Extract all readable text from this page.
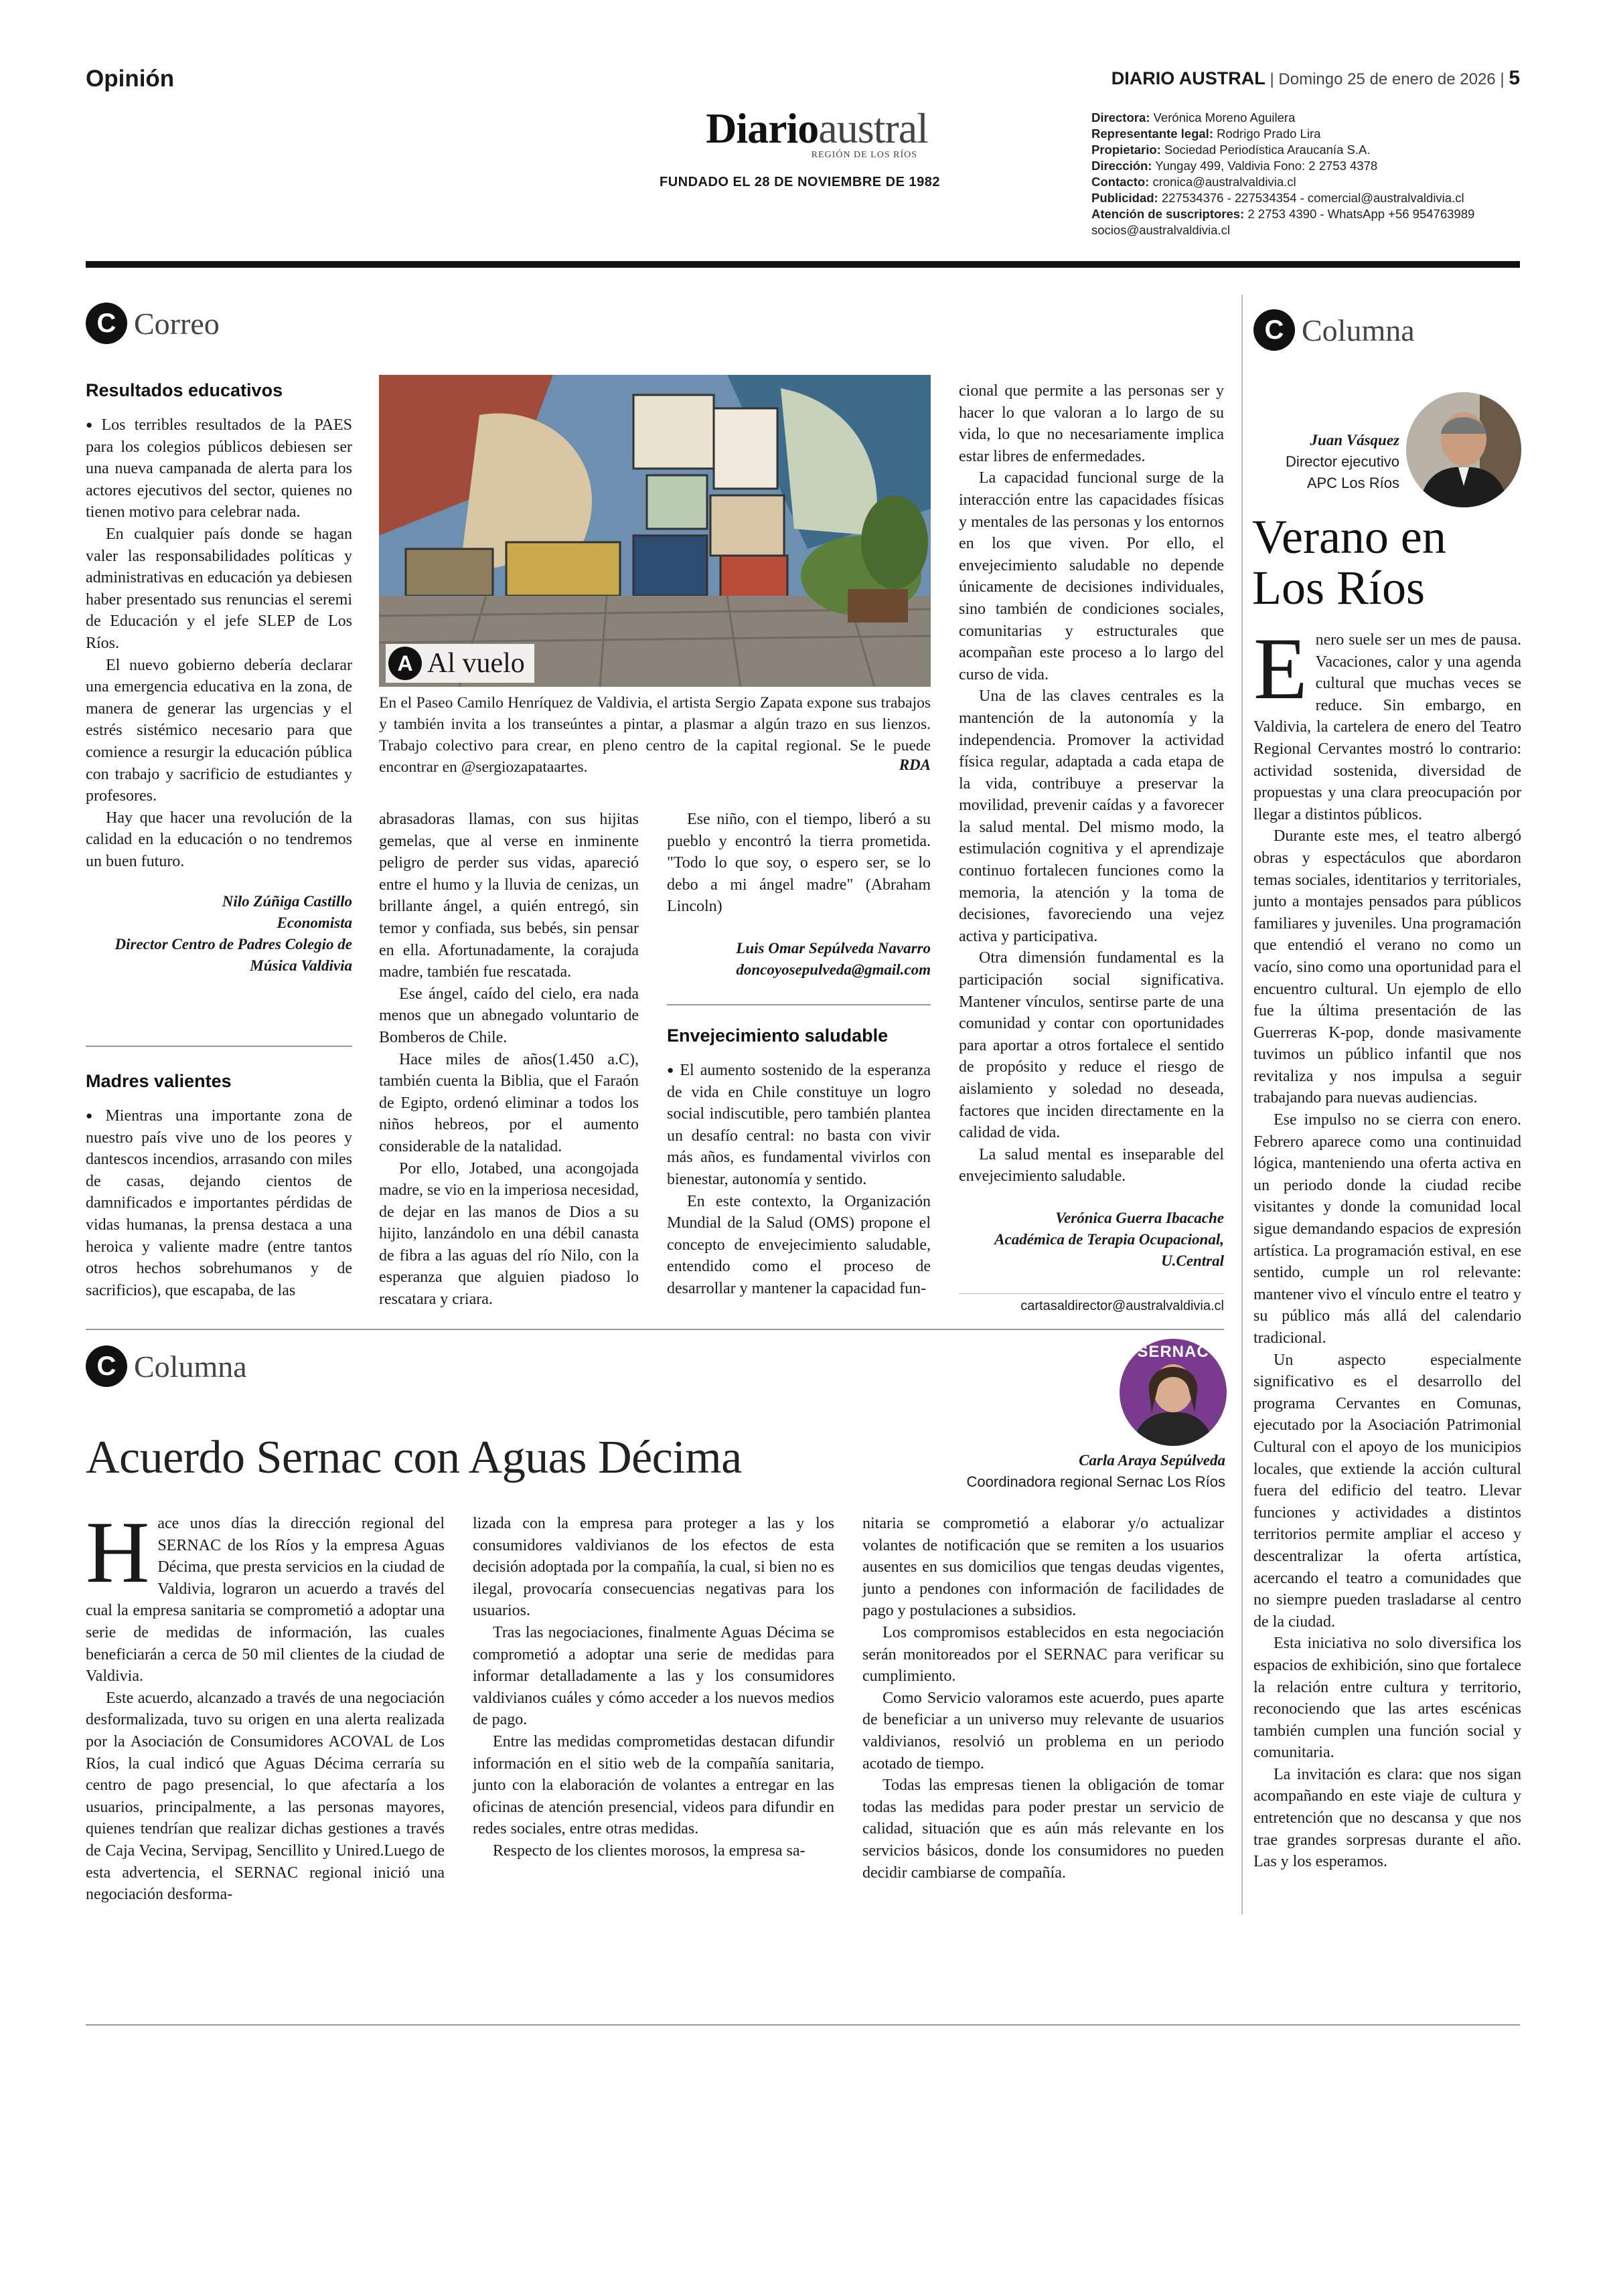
Opinión	DIARIO AUSTRAL | Domingo 25 de enero de 2026 | 5
Diarioaustral
REGIÓN DE LOS RÍOS
FUNDADO EL 28 DE NOVIEMBRE DE 1982
Directora: Verónica Moreno Aguilera
Representante legal: Rodrigo Prado Lira
Propietario: Sociedad Periodística Araucanía S.A.
Dirección: Yungay 499, Valdivia Fono: 2 2753 4378
Contacto: cronica@australvaldivia.cl
Publicidad: 227534376 - 227534354 - comercial@australvaldivia.cl
Atención de suscriptores: 2 2753 4390 - WhatsApp +56 954763989
socios@australvaldivia.cl
C Correo
Resultados educativos

● Los terribles resultados de la PAES para los colegios públicos debiesen ser una nueva campanada de alerta para los actores ejecutivos del sector, quienes no tienen motivo para celebrar nada.

En cualquier país donde se hagan valer las responsabilidades políticas y administrativas en educación ya debiesen haber presentado sus renuncias el seremi de Educación y el jefe SLEP de Los Ríos.

El nuevo gobierno debería declarar una emergencia educativa en la zona, de manera de generar las urgencias y el estrés sistémico necesario para que comience a resurgir la educación pública con trabajo y sacrificio de estudiantes y profesores.

Hay que hacer una revolución de la calidad en la educación o no tendremos un buen futuro.

Nilo Zúñiga Castillo
Economista
Director Centro de Padres Colegio de
Música Valdivia
Madres valientes

● Mientras una importante zona de nuestro país vive uno de los peores y dantescos incendios, arrasando con miles de casas, dejando cientos de damnificados e importantes pérdidas de vidas humanas, la prensa destaca a una heroica y valiente madre (entre tantos otros hechos sobrehumanos y de sacrificios), que escapaba, de las

A Al vuelo

En el Paseo Camilo Henríquez de Valdivia, el artista Sergio Zapata expone sus trabajos y también invita a los transeúntes a pintar, a plasmar a algún trazo en sus lienzos. Trabajo colectivo para crear, en pleno centro de la capital regional. Se le puede encontrar en @sergiozapataartes.	RDA

abrasadoras llamas, con sus hijitas gemelas, que al verse en inminente peligro de perder sus vidas, apareció entre el humo y la lluvia de cenizas, un brillante ángel, a quién entregó, sin temor y confiada, sus bebés, sin pensar en ella. Afortunadamente, la corajuda madre, también fue rescatada.

Ese ángel, caído del cielo, era nada menos que un abnegado voluntario de Bomberos de Chile.

Hace miles de años(1.450 a.C), también cuenta la Biblia, que el Faraón de Egipto, ordenó eliminar a todos los niños hebreos, por el aumento considerable de la natalidad.

Por ello, Jotabed, una acongojada madre, se vio en la imperiosa necesidad, de dejar en las manos de Dios a su hijito, lanzándolo en una débil canasta de fibra a las aguas del río Nilo, con la esperanza que alguien piadoso lo rescatara y criara.

Ese niño, con el tiempo, liberó a su pueblo y encontró la tierra prometida. "Todo lo que soy, o espero ser, se lo debo a mi ángel madre" (Abraham Lincoln)

Luis Omar Sepúlveda Navarro
doncoyosepulveda@gmail.com
Envejecimiento saludable

● El aumento sostenido de la esperanza de vida en Chile constituye un logro social indiscutible, pero también plantea un desafío central: no basta con vivir más años, es fundamental vivirlos con bienestar, autonomía y sentido.

En este contexto, la Organización Mundial de la Salud (OMS) propone el concepto de envejecimiento saludable, entendido como el proceso de desarrollar y mantener la capacidad fun-

cional que permite a las personas ser y hacer lo que valoran a lo largo de su vida, lo que no necesariamente implica estar libres de enfermedades.

La capacidad funcional surge de la interacción entre las capacidades físicas y mentales de las personas y los entornos en los que viven. Por ello, el envejecimiento saludable no depende únicamente de decisiones individuales, sino también de condiciones sociales, comunitarias y estructurales que acompañan este proceso a lo largo del curso de vida.

Una de las claves centrales es la mantención de la autonomía y la independencia. Promover la actividad física regular, adaptada a cada etapa de la vida, contribuye a preservar la movilidad, prevenir caídas y a favorecer la salud mental. Del mismo modo, la estimulación cognitiva y el aprendizaje continuo fortalecen funciones como la memoria, la atención y la toma de decisiones, favoreciendo una vejez activa y participativa.

Otra dimensión fundamental es la participación social significativa. Mantener vínculos, sentirse parte de una comunidad y contar con oportunidades para aportar a otros fortalece el sentido de propósito y reduce el riesgo de aislamiento y soledad no deseada, factores que inciden directamente en la calidad de vida.

La salud mental es inseparable del envejecimiento saludable.

Verónica Guerra Ibacache
Académica de Terapia Ocupacional,
U.Central
cartasaldirector@australvaldivia.cl
C Columna
Juan Vásquez
Director ejecutivo
APC Los Ríos
Verano en
Los Ríos

Enero suele ser un mes de pausa. Vacaciones, calor y una agenda cultural que muchas veces se reduce. Sin embargo, en Valdivia, la cartelera de enero del Teatro Regional Cervantes mostró lo contrario: actividad sostenida, diversidad de propuestas y una clara preocupación por llegar a distintos públicos.

Durante este mes, el teatro albergó obras y espectáculos que abordaron temas sociales, identitarios y territoriales, junto a montajes pensados para públicos familiares y juveniles. Una programación que entendió el verano no como un vacío, sino como una oportunidad para el encuentro cultural. Un ejemplo de ello fue la última presentación de las Guerreras K-pop, donde masivamente tuvimos un público infantil que nos revitaliza y nos impulsa a seguir trabajando para nuevas audiencias.

Ese impulso no se cierra con enero. Febrero aparece como una continuidad lógica, manteniendo una oferta activa en un periodo donde la ciudad recibe visitantes y donde la comunidad local sigue demandando espacios de expresión artística. La programación estival, en ese sentido, cumple un rol relevante: mantener vivo el vínculo entre el teatro y su público más allá del calendario tradicional.

Un aspecto especialmente significativo es el desarrollo del programa Cervantes en Comunas, ejecutado por la Asociación Patrimonial Cultural con el apoyo de los municipios locales, que extiende la acción cultural fuera del edificio del teatro. Llevar funciones y actividades a distintos territorios permite ampliar el acceso y descentralizar la oferta artística, acercando el teatro a comunidades que no siempre pueden trasladarse al centro de la ciudad.

Esta iniciativa no solo diversifica los espacios de exhibición, sino que fortalece la relación entre cultura y territorio, reconociendo que las artes escénicas también cumplen una función social y comunitaria.

La invitación es clara: que nos sigan acompañando en este viaje de cultura y entretención que no descansa y que nos trae grandes sorpresas durante el año. Las y los esperamos.

C Columna
Acuerdo Sernac con Aguas Décima
SERNAC
Carla Araya Sepúlveda
Coordinadora regional Sernac Los Ríos

Hace unos días la dirección regional del SERNAC de los Ríos y la empresa Aguas Décima, que presta servicios en la ciudad de Valdivia, lograron un acuerdo a través del cual la empresa sanitaria se comprometió a adoptar una serie de medidas de información, las cuales beneficiarán a cerca de 50 mil clientes de la ciudad de Valdivia.

Este acuerdo, alcanzado a través de una negociación desformalizada, tuvo su origen en una alerta realizada por la Asociación de Consumidores ACOVAL de Los Ríos, la cual indicó que Aguas Décima cerraría su centro de pago presencial, lo que afectaría a los usuarios, principalmente, a las personas mayores, quienes tendrían que realizar dichas gestiones a través de Caja Vecina, Servipag, Sencillito y Unired.Luego de esta advertencia, el SERNAC regional inició una negociación desforma-

lizada con la empresa para proteger a las y los consumidores valdivianos de los efectos de esta decisión adoptada por la compañía, la cual, si bien no es ilegal, provocaría consecuencias negativas para los usuarios.

Tras las negociaciones, finalmente Aguas Décima se comprometió a adoptar una serie de medidas para informar detalladamente a las y los consumidores valdivianos cuáles y cómo acceder a los nuevos medios de pago.

Entre las medidas comprometidas destacan difundir información en el sitio web de la compañía sanitaria, junto con la elaboración de volantes a entregar en las oficinas de atención presencial, videos para difundir en redes sociales, entre otras medidas.

Respecto de los clientes morosos, la empresa sa-

nitaria se comprometió a elaborar y/o actualizar volantes de notificación que se remiten a los usuarios ausentes en sus domicilios que tengas deudas vigentes, junto a pendones con información de facilidades de pago y postulaciones a subsidios.

Los compromisos establecidos en esta negociación serán monitoreados por el SERNAC para verificar su cumplimiento.

Como Servicio valoramos este acuerdo, pues aparte de beneficiar a un universo muy relevante de usuarios valdivianos, resolvió un problema en un periodo acotado de tiempo.

Todas las empresas tienen la obligación de tomar todas las medidas para poder prestar un servicio de calidad, situación que es aún más relevante en los servicios básicos, donde los consumidores no pueden decidir cambiarse de compañía.
